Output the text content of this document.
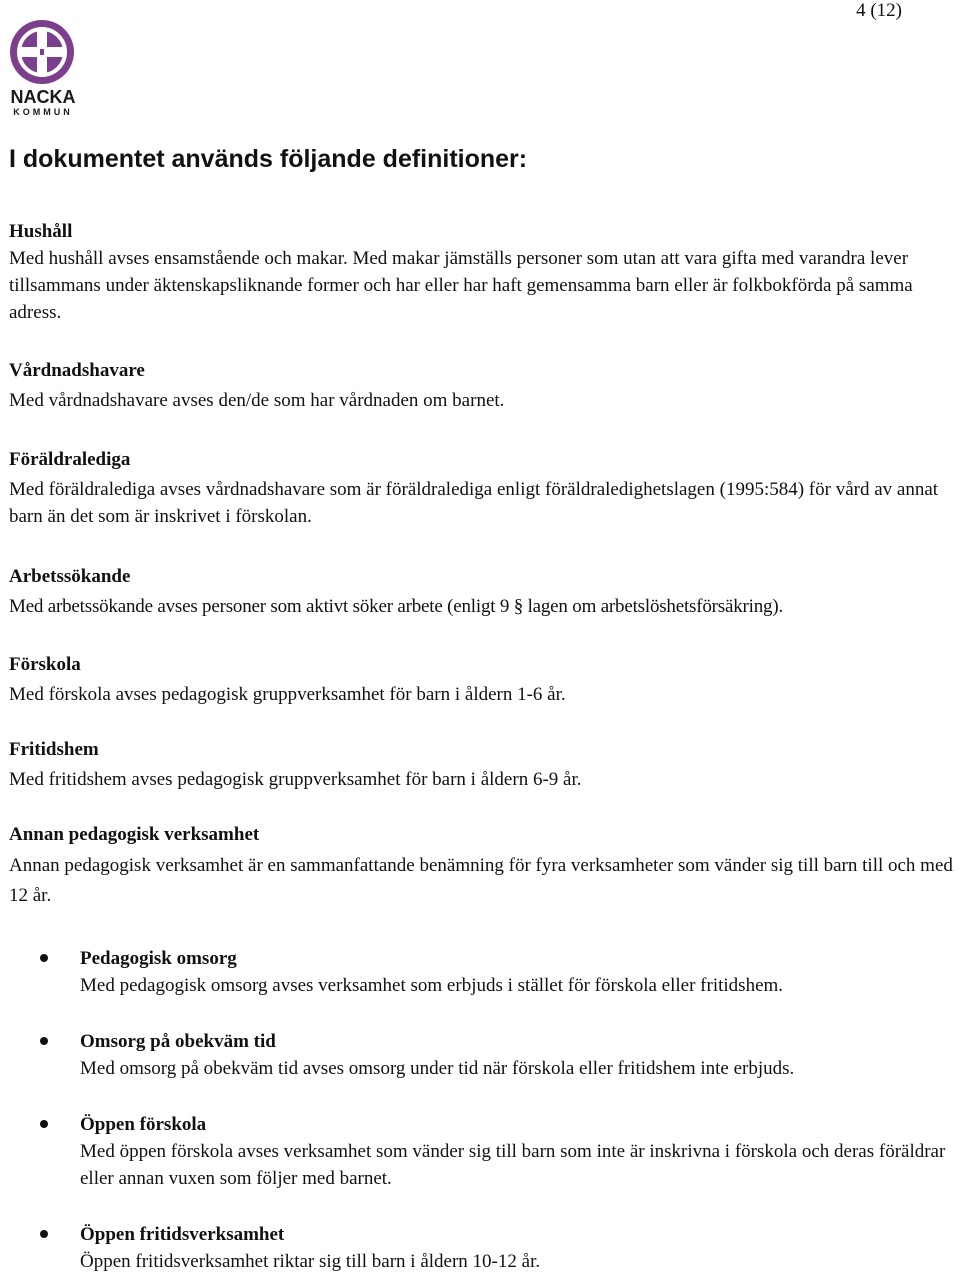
4 (12)
NACKA
KOMMUN
I dokumentet används följande definitioner:

Hushåll

Med hushåll avses ensamstående och makar. Med makar jämställs personer som utan att vara gifta med varandra lever tillsammans under äktenskapsliknande former och har eller har haft gemensamma barn eller är folkbokförda på samma adress.

Vårdnadshavare

Med vårdnadshavare avses den/de som har vårdnaden om barnet.

Föräldralediga

Med föräldralediga avses vårdnadshavare som är föräldralediga enligt föräldraledighetslagen (1995:584) för vård av annat barn än det som är inskrivet i förskolan.

Arbetssökande

Med arbetssökande avses personer som aktivt söker arbete (enligt 9 § lagen om arbetslöshetsförsäkring).

Förskola

Med förskola avses pedagogisk gruppverksamhet för barn i åldern 1-6 år.

Fritidshem

Med fritidshem avses pedagogisk gruppverksamhet för barn i åldern 6-9 år.

Annan pedagogisk verksamhet

Annan pedagogisk verksamhet är en sammanfattande benämning för fyra verksamheter som vänder sig till barn till och med 12 år.

Pedagogisk omsorg

Med pedagogisk omsorg avses verksamhet som erbjuds i stället för förskola eller fritidshem.

Omsorg på obekväm tid

Med omsorg på obekväm tid avses omsorg under tid när förskola eller fritidshem inte erbjuds.

Öppen förskola

Med öppen förskola avses verksamhet som vänder sig till barn som inte är inskrivna i förskola och deras föräldrar eller annan vuxen som följer med barnet.

Öppen fritidsverksamhet

Öppen fritidsverksamhet riktar sig till barn i åldern 10-12 år.
